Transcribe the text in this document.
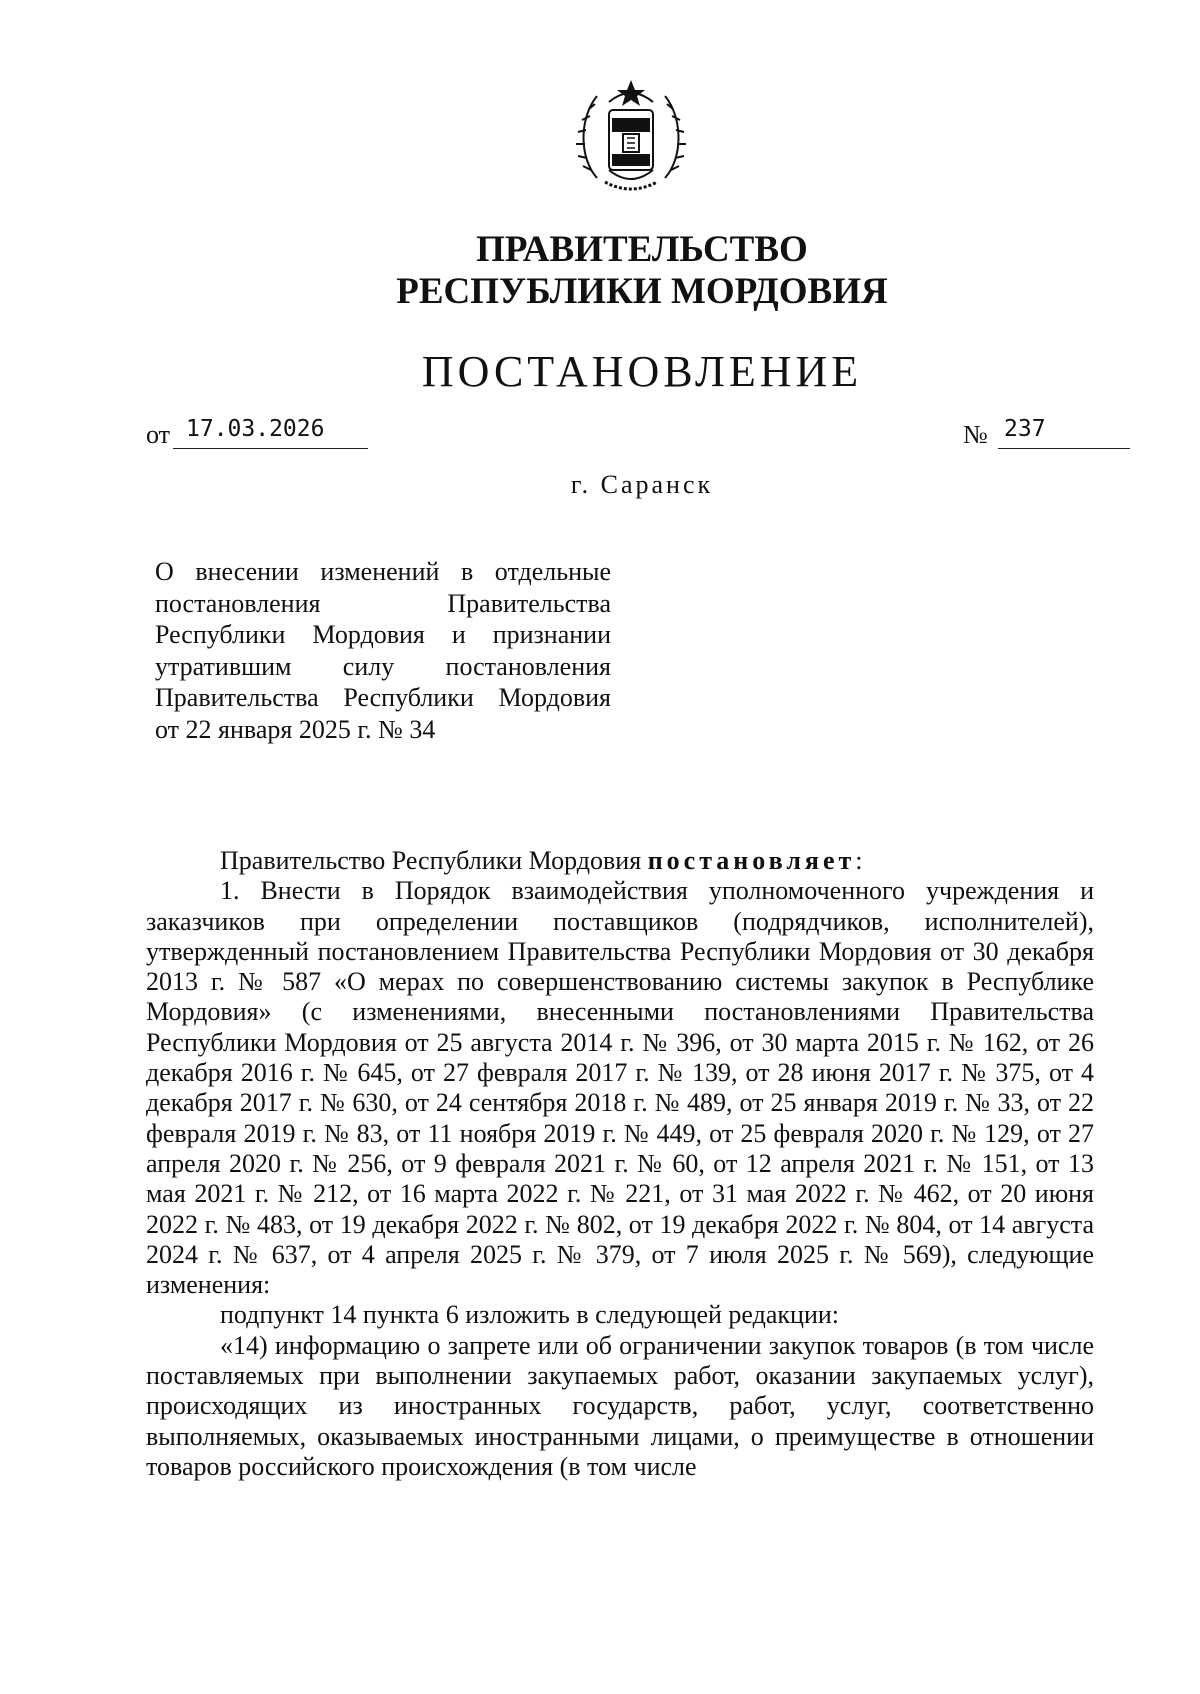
ПРАВИТЕЛЬСТВО
РЕСПУБЛИКИ МОРДОВИЯ
ПОСТАНОВЛЕНИЕ
от 17.03.2026	№ 237
г. Саранск
О внесении изменений в отдельные
постановления Правительства
Республики Мордовия и признании
утратившим силу постановления
Правительства Республики Мордовия
от 22 января 2025 г. № 34

Правительство Республики Мордовия постановляет:

1. Внести в Порядок взаимодействия уполномоченного учреждения и заказчиков при определении поставщиков (подрядчиков, исполнителей), утвержденный постановлением Правительства Республики Мордовия от 30 декабря 2013 г. № 587 «О мерах по совершенствованию системы закупок в Республике Мордовия» (с изменениями, внесенными постановлениями Правительства Республики Мордовия от 25 августа 2014 г. № 396, от 30 марта 2015 г. № 162, от 26 декабря 2016 г. № 645, от 27 февраля 2017 г. № 139, от 28 июня 2017 г. № 375, от 4 декабря 2017 г. № 630, от 24 сентября 2018 г. № 489, от 25 января 2019 г. № 33, от 22 февраля 2019 г. № 83, от 11 ноября 2019 г. № 449, от 25 февраля 2020 г. № 129, от 27 апреля 2020 г. № 256, от 9 февраля 2021 г. № 60, от 12 апреля 2021 г. № 151, от 13 мая 2021 г. № 212, от 16 марта 2022 г. № 221, от 31 мая 2022 г. № 462, от 20 июня 2022 г. № 483, от 19 декабря 2022 г. № 802, от 19 декабря 2022 г. № 804, от 14 августа 2024 г. № 637, от 4 апреля 2025 г. № 379, от 7 июля 2025 г. № 569), следующие изменения:

подпункт 14 пункта 6 изложить в следующей редакции:

«14) информацию о запрете или об ограничении закупок товаров (в том числе поставляемых при выполнении закупаемых работ, оказании закупаемых услуг), происходящих из иностранных государств, работ, услуг, соответственно выполняемых, оказываемых иностранными лицами, о преимуществе в отношении товаров российского происхождения (в том числе
